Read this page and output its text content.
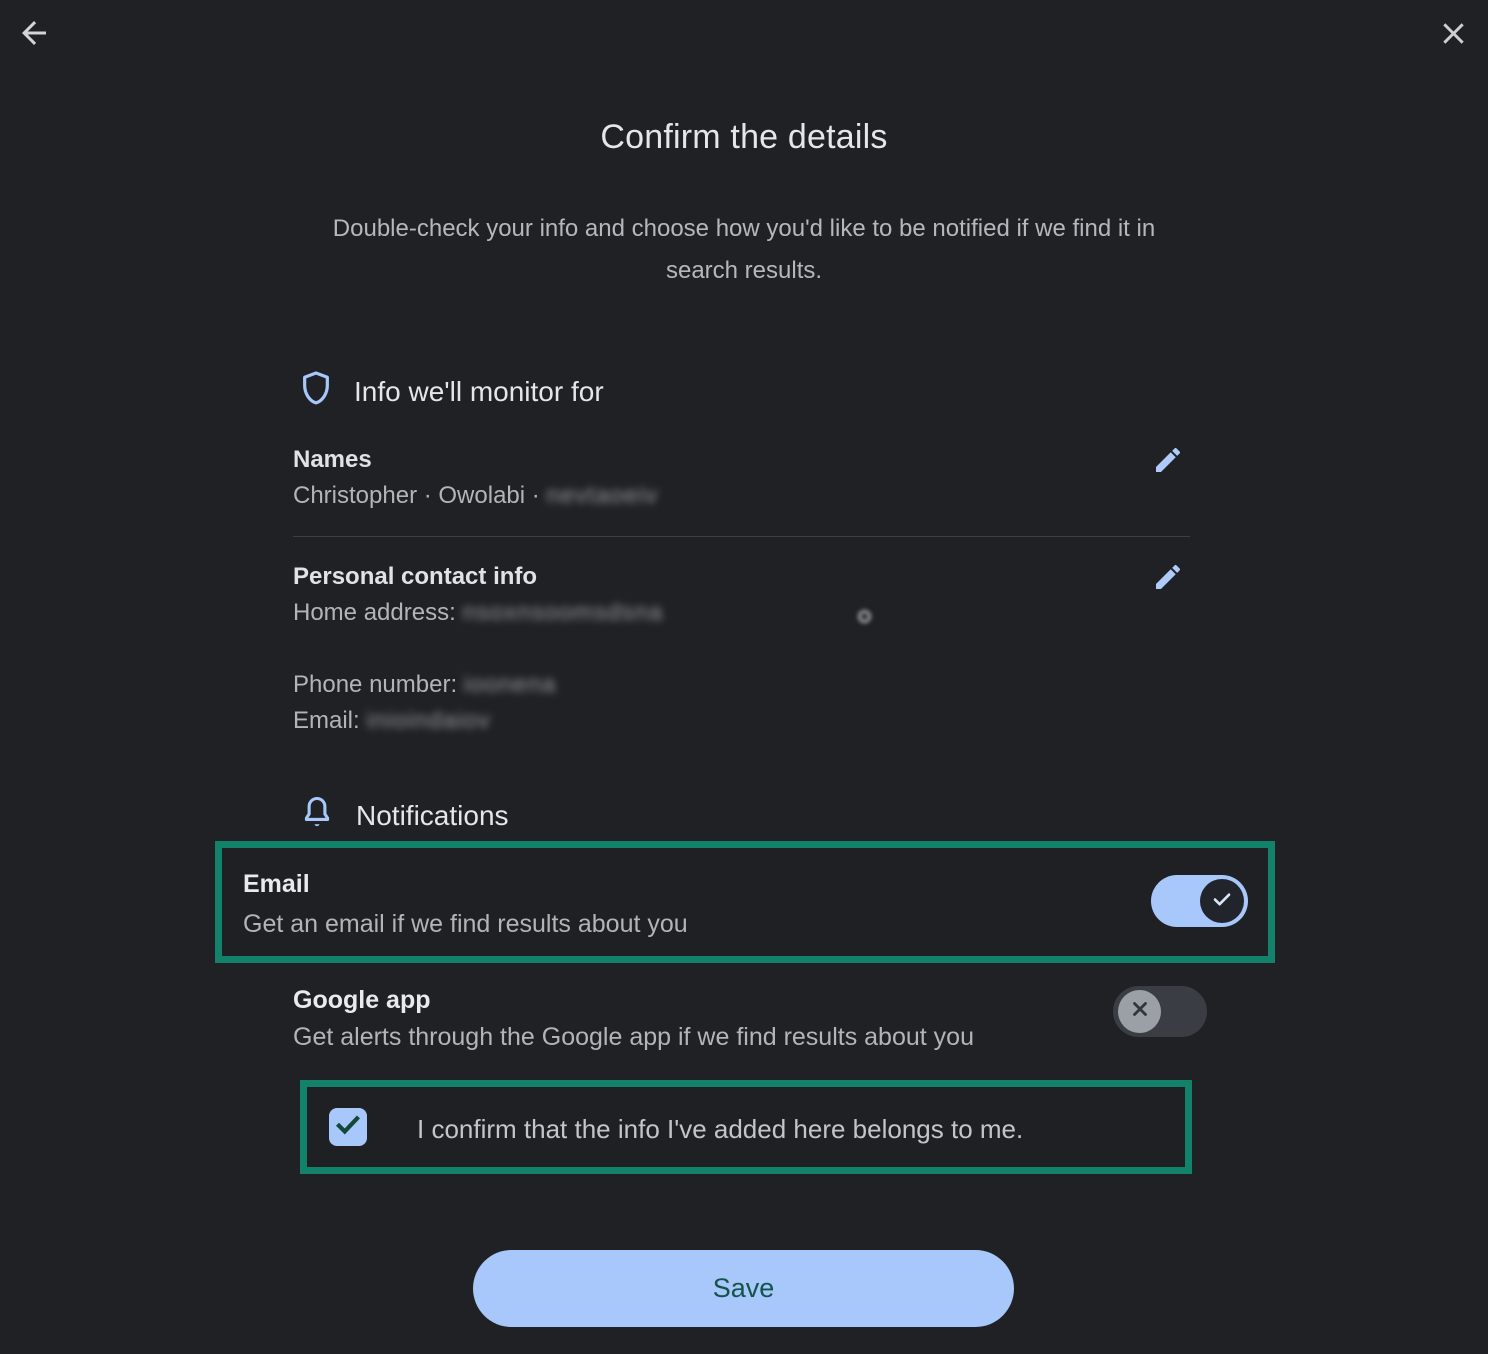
Confirm the details
Double-check your info and choose how you'd like to be notified if we find it in search results.
Info we'll monitor for
Names
Christopher · Owolabi · nevtaoeiv
Personal contact info
Home address: nsoxnsoomsdsna
Phone number: ioonena
Email: inioindaiov
Notifications
Email
Get an email if we find results about you
Google app
Get alerts through the Google app if we find results about you
I confirm that the info I've added here belongs to me.
Save
